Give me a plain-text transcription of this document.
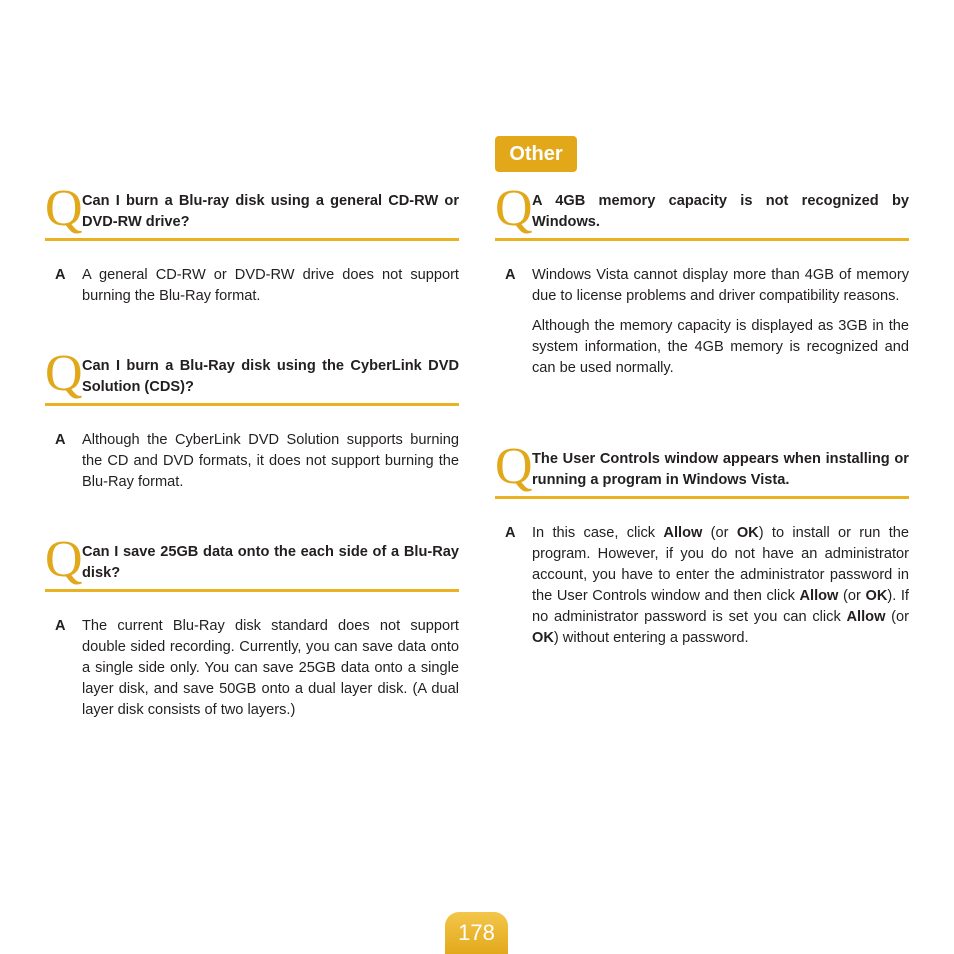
Q Can I burn a Blu-ray disk using a general CD-RW or DVD-RW drive?
A A general CD-RW or DVD-RW drive does not support burning the Blu-Ray format.

Q Can I burn a Blu-Ray disk using the CyberLink DVD Solution (CDS)?
A Although the CyberLink DVD Solution supports burning the CD and DVD formats, it does not support burning the Blu-Ray format.

Q Can I save 25GB data onto the each side of a Blu-Ray disk?
A The current Blu-Ray disk standard does not support double sided recording. Currently, you can save data onto a single side only. You can save 25GB data onto a single layer disk, and save 50GB onto a dual layer disk. (A dual layer disk consists of two layers.)

Other
Q A 4GB memory capacity is not recognized by Windows.
A Windows Vista cannot display more than 4GB of memory due to license problems and driver compatibility reasons.

Although the memory capacity is displayed as 3GB in the system information, the 4GB memory is recognized and can be used normally.

Q The User Controls window appears when installing or running a program in Windows Vista.
A In this case, click Allow (or OK) to install or run the program. However, if you do not have an administrator account, you have to enter the administrator password in the User Controls window and then click Allow (or OK). If no administrator password is set you can click Allow (or OK) without entering a password.

178
